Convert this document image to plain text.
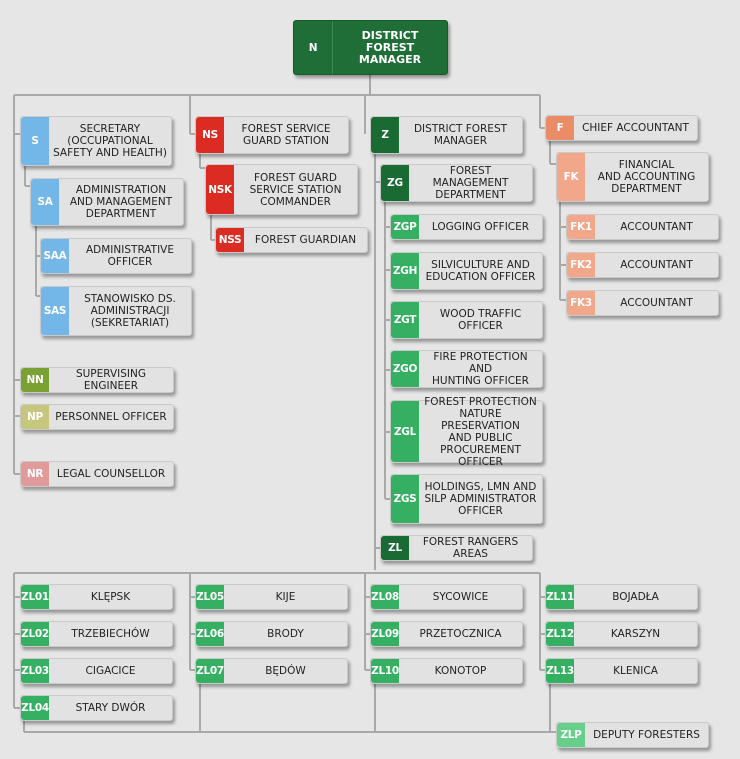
N
DISTRICT FOREST
MANAGER
S
SECRETARY
(OCCUPATIONAL
SAFETY AND HEALTH)
SA
ADMINISTRATION
AND MANAGEMENT
DEPARTMENT
SAA	ADMINISTRATIVE
OFFICER
SAS
STANOWISKO DS.
ADMINISTRACJI
(SEKRETARIAT)
NN	SUPERVISING ENGINEER
NP	PERSONNEL OFFICER
NR	LEGAL COUNSELLOR
NS	FOREST SERVICE
GUARD STATION
NSK
FOREST GUARD
SERVICE STATION
COMMANDER
NSS	FOREST GUARDIAN
Z	DISTRICT FOREST
MANAGER
ZG
FOREST MANAGEMENT
DEPARTMENT
ZGP	LOGGING OFFICER
ZGH	SILVICULTURE AND
EDUCATION OFFICER
ZGT	WOOD TRAFFIC
OFFICER
ZGO
FIRE PROTECTION AND
HUNTING OFFICER
ZGL
FOREST PROTECTION
NATURE PRESERVATION
AND PUBLIC
PROCUREMENT OFFICER
ZGS
HOLDINGS, LMN AND
SILP ADMINISTRATOR
OFFICER
ZL	FOREST RANGERS AREAS
F	CHIEF ACCOUNTANT
FK
FINANCIAL
AND ACCOUNTING
DEPARTMENT
FK1	ACCOUNTANT
FK2	ACCOUNTANT
FK3	ACCOUNTANT
ZL01	KLĘPSK
ZL02	TRZEBIECHÓW
ZL03	CIGACICE
ZL04	STARY DWÓR
ZL05	KIJE
ZL06	BRODY
ZL07	BĘDÓW
ZL08	SYCOWICE
ZL09	PRZETOCZNICA
ZL10	KONOTOP
ZL11	BOJADŁA
ZL12	KARSZYN
ZL13	KLENICA
ZLP	DEPUTY FORESTERS
